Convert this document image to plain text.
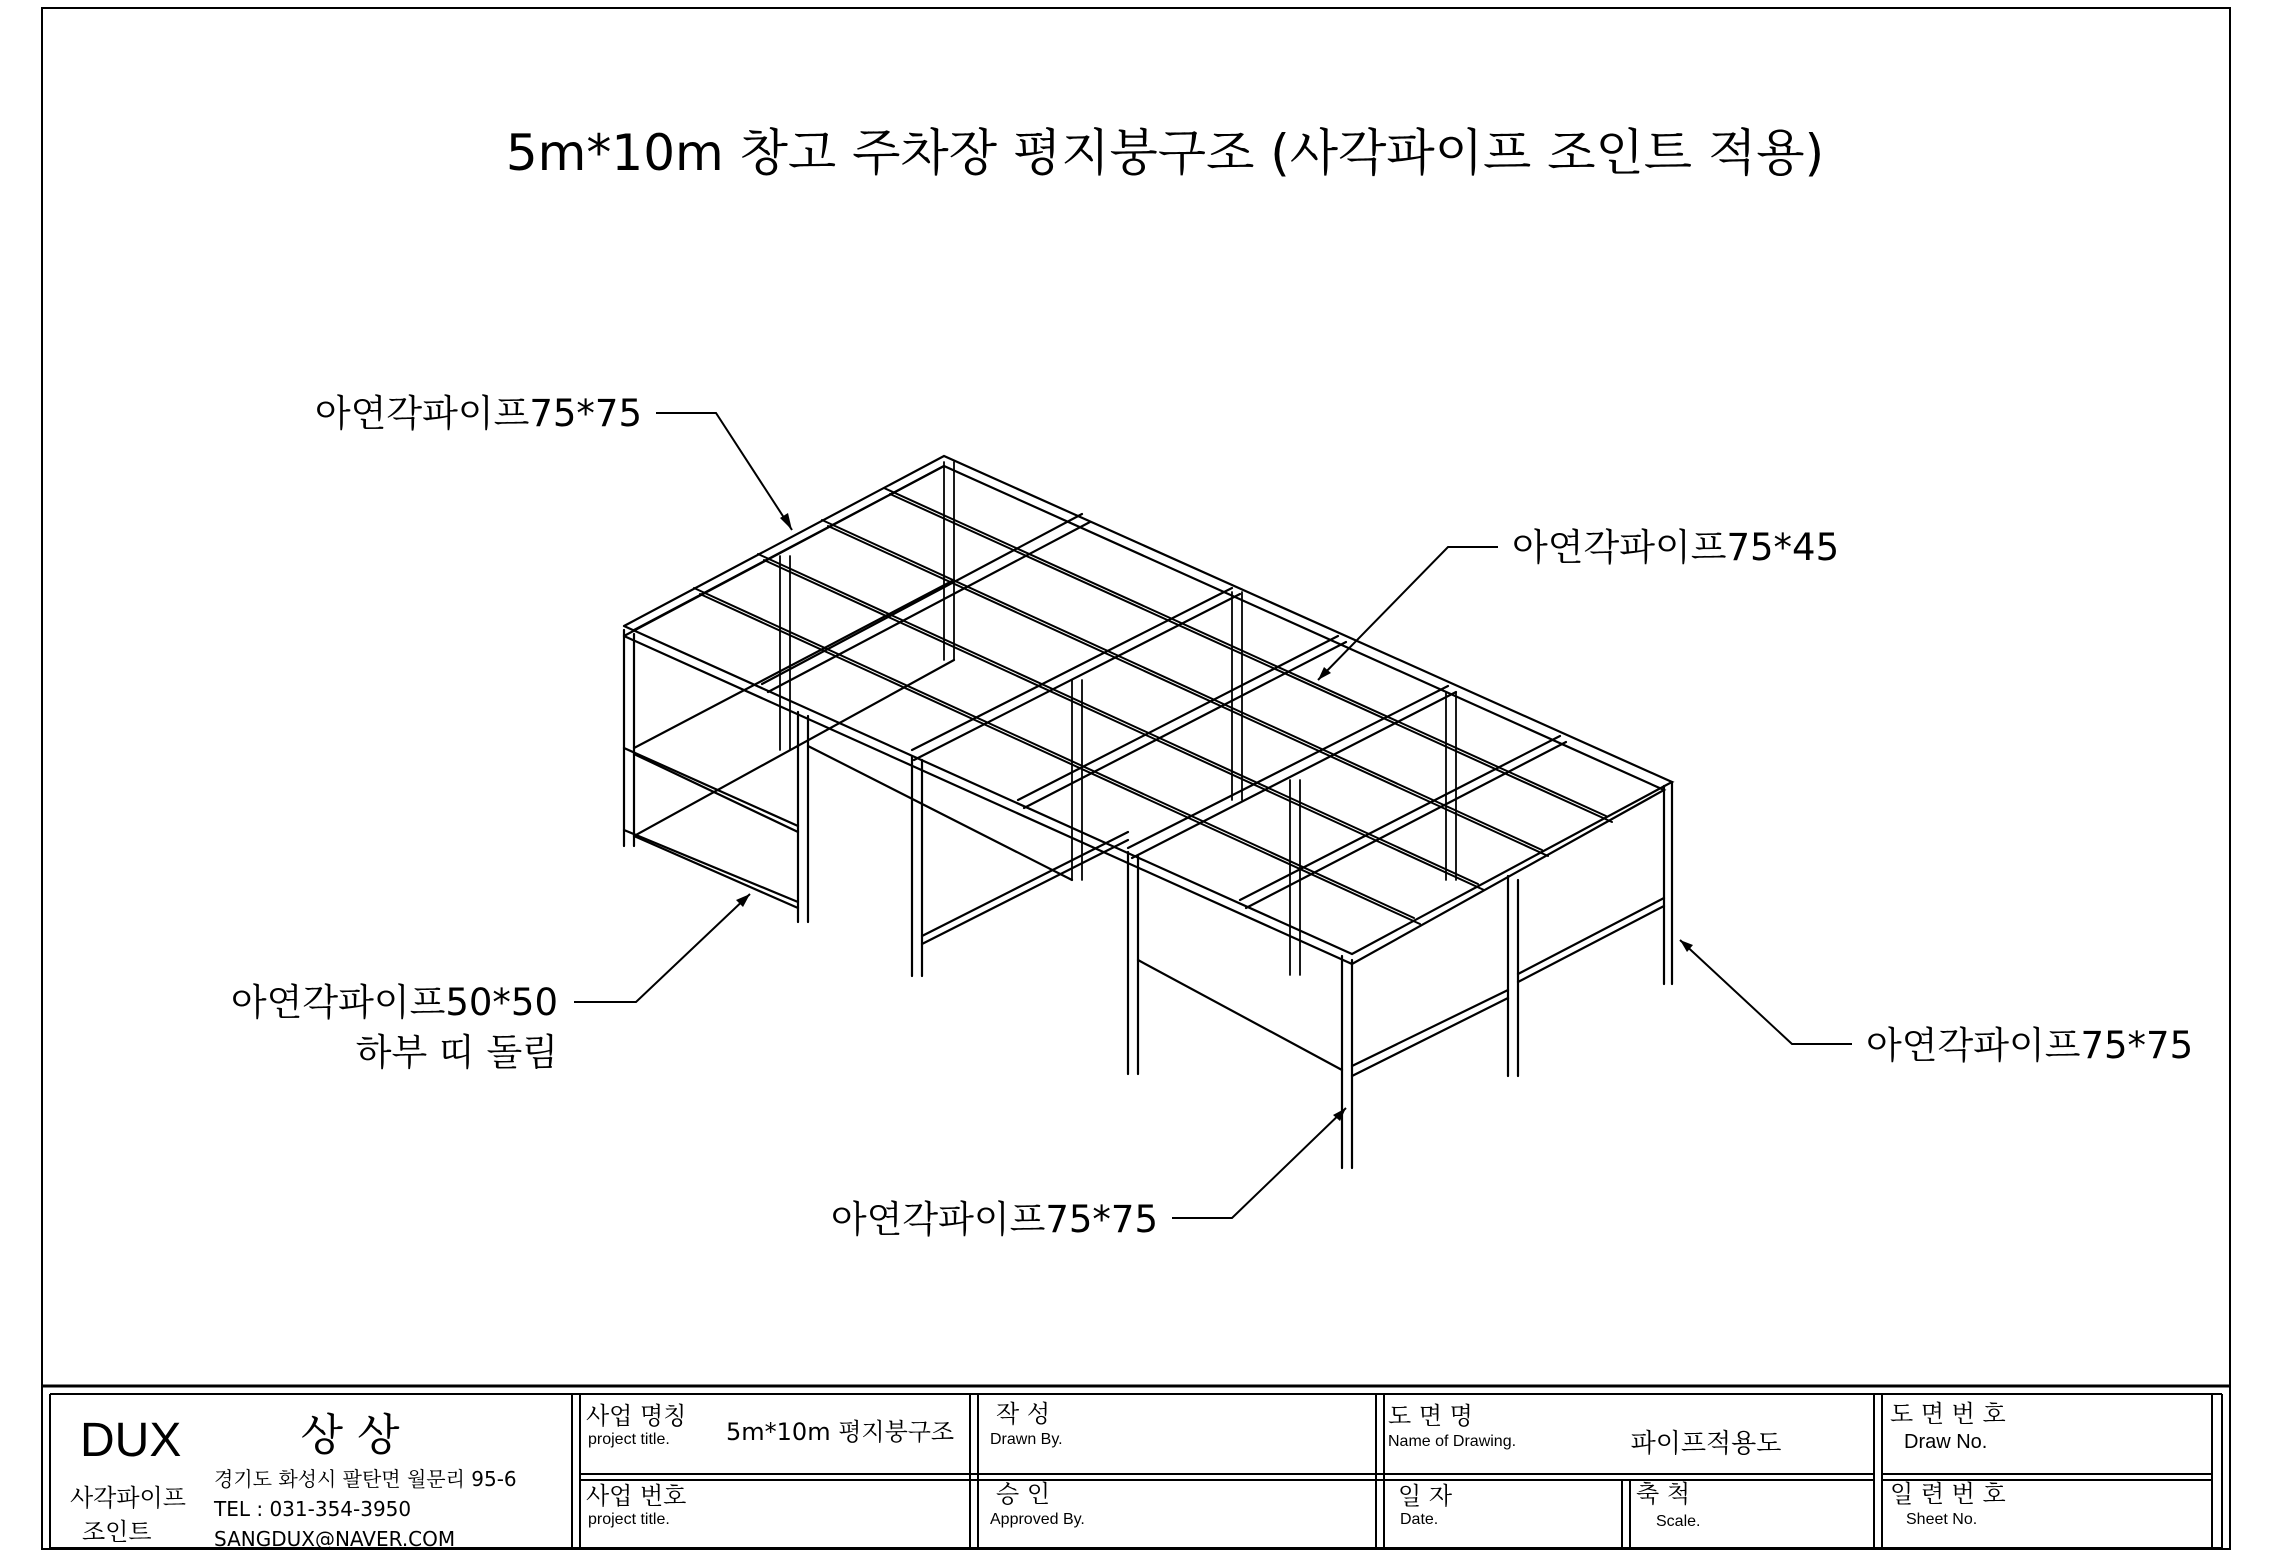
5m*10m 창고 주차장 평지붕구조 (사각파이프 조인트 적용)
아연각파이프75*75
아연각파이프75*45
아연각파이프50*50
하부 띠 돌림	아연각파이프75*75
아연각파이프75*75
DUX	상 상
사각파이프
조인트
경기도 화성시 팔탄면 월문리 95-6
TEL : 031-354-3950
SANGDUX@NAVER.COM
사업 명칭
project title. 5m*10m 평지붕구조
사업 번호
project title.
작 성
Drawn By.
승 인
Approved By.
도 면 명
Name of Drawing.	파이프적용도
일 자
Date.
축 척
Scale.
도 면 번 호
Draw No.
일 련 번 호
Sheet No.
